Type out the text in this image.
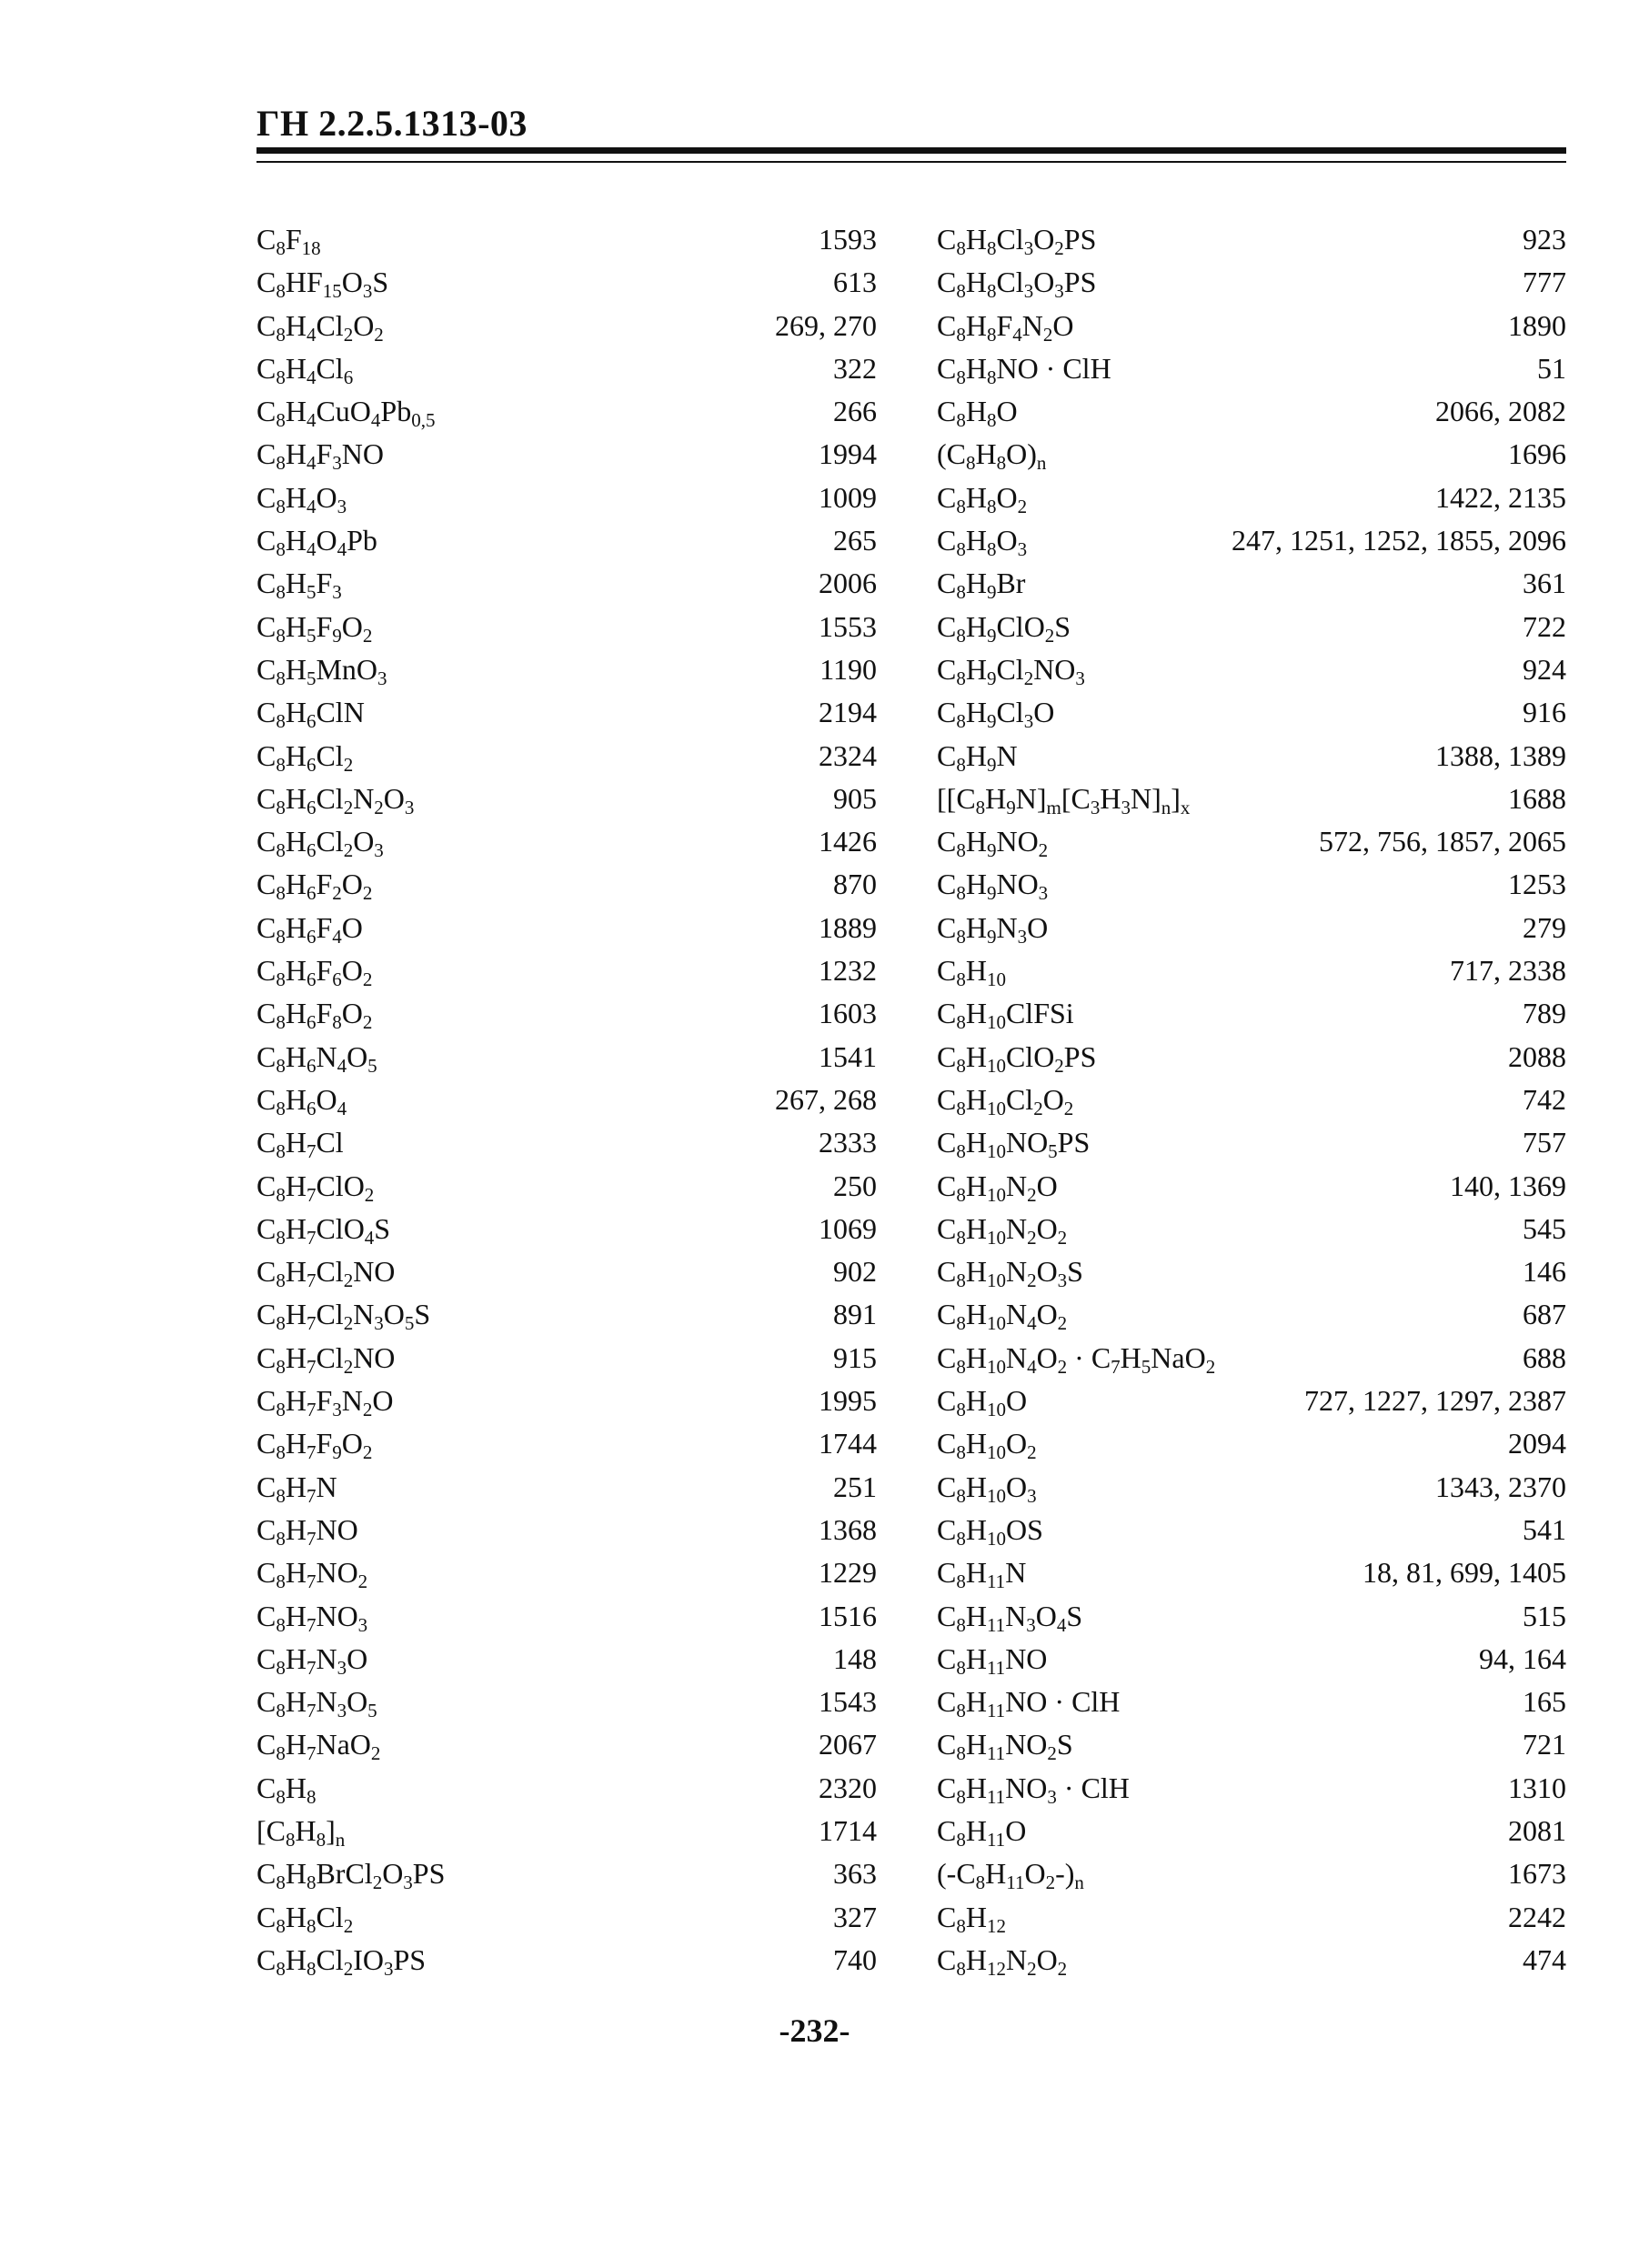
ГН 2.2.5.1313-03
$C_8F_{18}$	1593
$C_8HF_{15}O_3S$	613
$C_8H_4Cl_2O_2$	269, 270
$C_8H_4Cl_6$	322
$C_8H_4CuO_4Pb_{0,5}$	266
$C_8H_4F_3NO$	1994
$C_8H_4O_3$	1009
$C_8H_4O_4Pb$	265
$C_8H_5F_3$	2006
$C_8H_5F_9O_2$	1553
$C_8H_5MnO_3$	1190
$C_8H_6ClN$	2194
$C_8H_6Cl_2$	2324
$C_8H_6Cl_2N_2O_3$	905
$C_8H_6Cl_2O_3$	1426
$C_8H_6F_2O_2$	870
$C_8H_6F_4O$	1889
$C_8H_6F_6O_2$	1232
$C_8H_6F_8O_2$	1603
$C_8H_6N_4O_5$	1541
$C_8H_6O_4$	267, 268
$C_8H_7Cl$	2333
$C_8H_7ClO_2$	250
$C_8H_7ClO_4S$	1069
$C_8H_7Cl_2NO$	902
$C_8H_7Cl_2N_3O_5S$	891
$C_8H_7Cl_2NO$	915
$C_8H_7F_3N_2O$	1995
$C_8H_7F_9O_2$	1744
$C_8H_7N$	251
$C_8H_7NO$	1368
$C_8H_7NO_2$	1229
$C_8H_7NO_3$	1516
$C_8H_7N_3O$	148
$C_8H_7N_3O_5$	1543
$C_8H_7NaO_2$	2067
$C_8H_8$	2320
$[C_8H_8]_n$	1714
$C_8H_8BrCl_2O_3PS$	363
$C_8H_8Cl_2$	327
$C_8H_8Cl_2IO_3PS$	740
$C_8H_8Cl_3O_2PS$	923
$C_8H_8Cl_3O_3PS$	777
$C_8H_8F_4N_2O$	1890
$C_8H_8NO$ · ClH	51
$C_8H_8O$	2066, 2082
$(C_8H_8O)_n$	1696
$C_8H_8O_2$	1422, 2135
$C_8H_8O_3$	247, 1251, 1252, 1855, 2096
$C_8H_9Br$	361
$C_8H_9ClO_2S$	722
$C_8H_9Cl_2NO_3$	924
$C_8H_9Cl_3O$	916
$C_8H_9N$	1388, 1389
$[[C_8H_9N]_m[C_3H_3N]_n]_x$	1688
$C_8H_9NO_2$	572, 756, 1857, 2065
$C_8H_9NO_3$	1253
$C_8H_9N_3O$	279
$C_8H_{10}$	717, 2338
$C_8H_{10}ClFSi$	789
$C_8H_{10}ClO_2PS$	2088
$C_8H_{10}Cl_2O_2$	742
$C_8H_{10}NO_5PS$	757
$C_8H_{10}N_2O$	140, 1369
$C_8H_{10}N_2O_2$	545
$C_8H_{10}N_2O_3S$	146
$C_8H_{10}N_4O_2$	687
$C_8H_{10}N_4O_2 \cdot C_7H_5NaO_2$	688
$C_8H_{10}O$	727, 1227, 1297, 2387
$C_8H_{10}O_2$	2094
$C_8H_{10}O_3$	1343, 2370
$C_8H_{10}OS$	541
$C_8H_{11}N$	18, 81, 699, 1405
$C_8H_{11}N_3O_4S$	515
$C_8H_{11}NO$	94, 164
$C_8H_{11}NO$ · ClH	165
$C_8H_{11}NO_2S$	721
$C_8H_{11}NO_3$ · ClH	1310
$C_8H_{11}O$	2081
$(-C_8H_{11}O_2-)_n$	1673
$C_8H_{12}$	2242
$C_8H_{12}N_2O_2$	474
-232-
